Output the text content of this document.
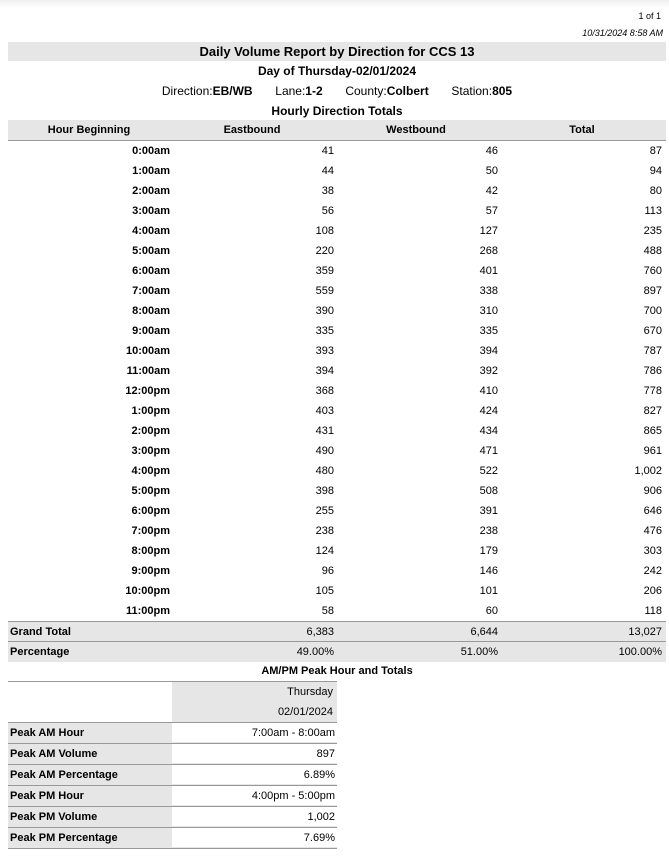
1 of 1
10/31/2024 8:58 AM
Daily Volume Report by Direction for CCS 13
Day of Thursday-02/01/2024
Direction:EB/WB Lane:1-2 County:Colbert Station:805
Hourly Direction Totals
Hour Beginning	Eastbound	Westbound	Total
0:00am	41	46	87
1:00am	44	50	94
2:00am	38	42	80
3:00am	56	57	113
4:00am	108	127	235
5:00am	220	268	488
6:00am	359	401	760
7:00am	559	338	897
8:00am	390	310	700
9:00am	335	335	670
10:00am	393	394	787
11:00am	394	392	786
12:00pm	368	410	778
1:00pm	403	424	827
2:00pm	431	434	865
3:00pm	490	471	961
4:00pm	480	522	1,002
5:00pm	398	508	906
6:00pm	255	391	646
7:00pm	238	238	476
8:00pm	124	179	303
9:00pm	96	146	242
10:00pm	105	101	206
11:00pm	58	60	118
Grand Total	6,383	6,644	13,027
Percentage	49.00%	51.00%	100.00%
AM/PM Peak Hour and Totals
Thursday
02/01/2024
Peak AM Hour	7:00am - 8:00am
Peak AM Volume	897
Peak AM Percentage	6.89%
Peak PM Hour	4:00pm - 5:00pm
Peak PM Volume	1,002
Peak PM Percentage	7.69%
